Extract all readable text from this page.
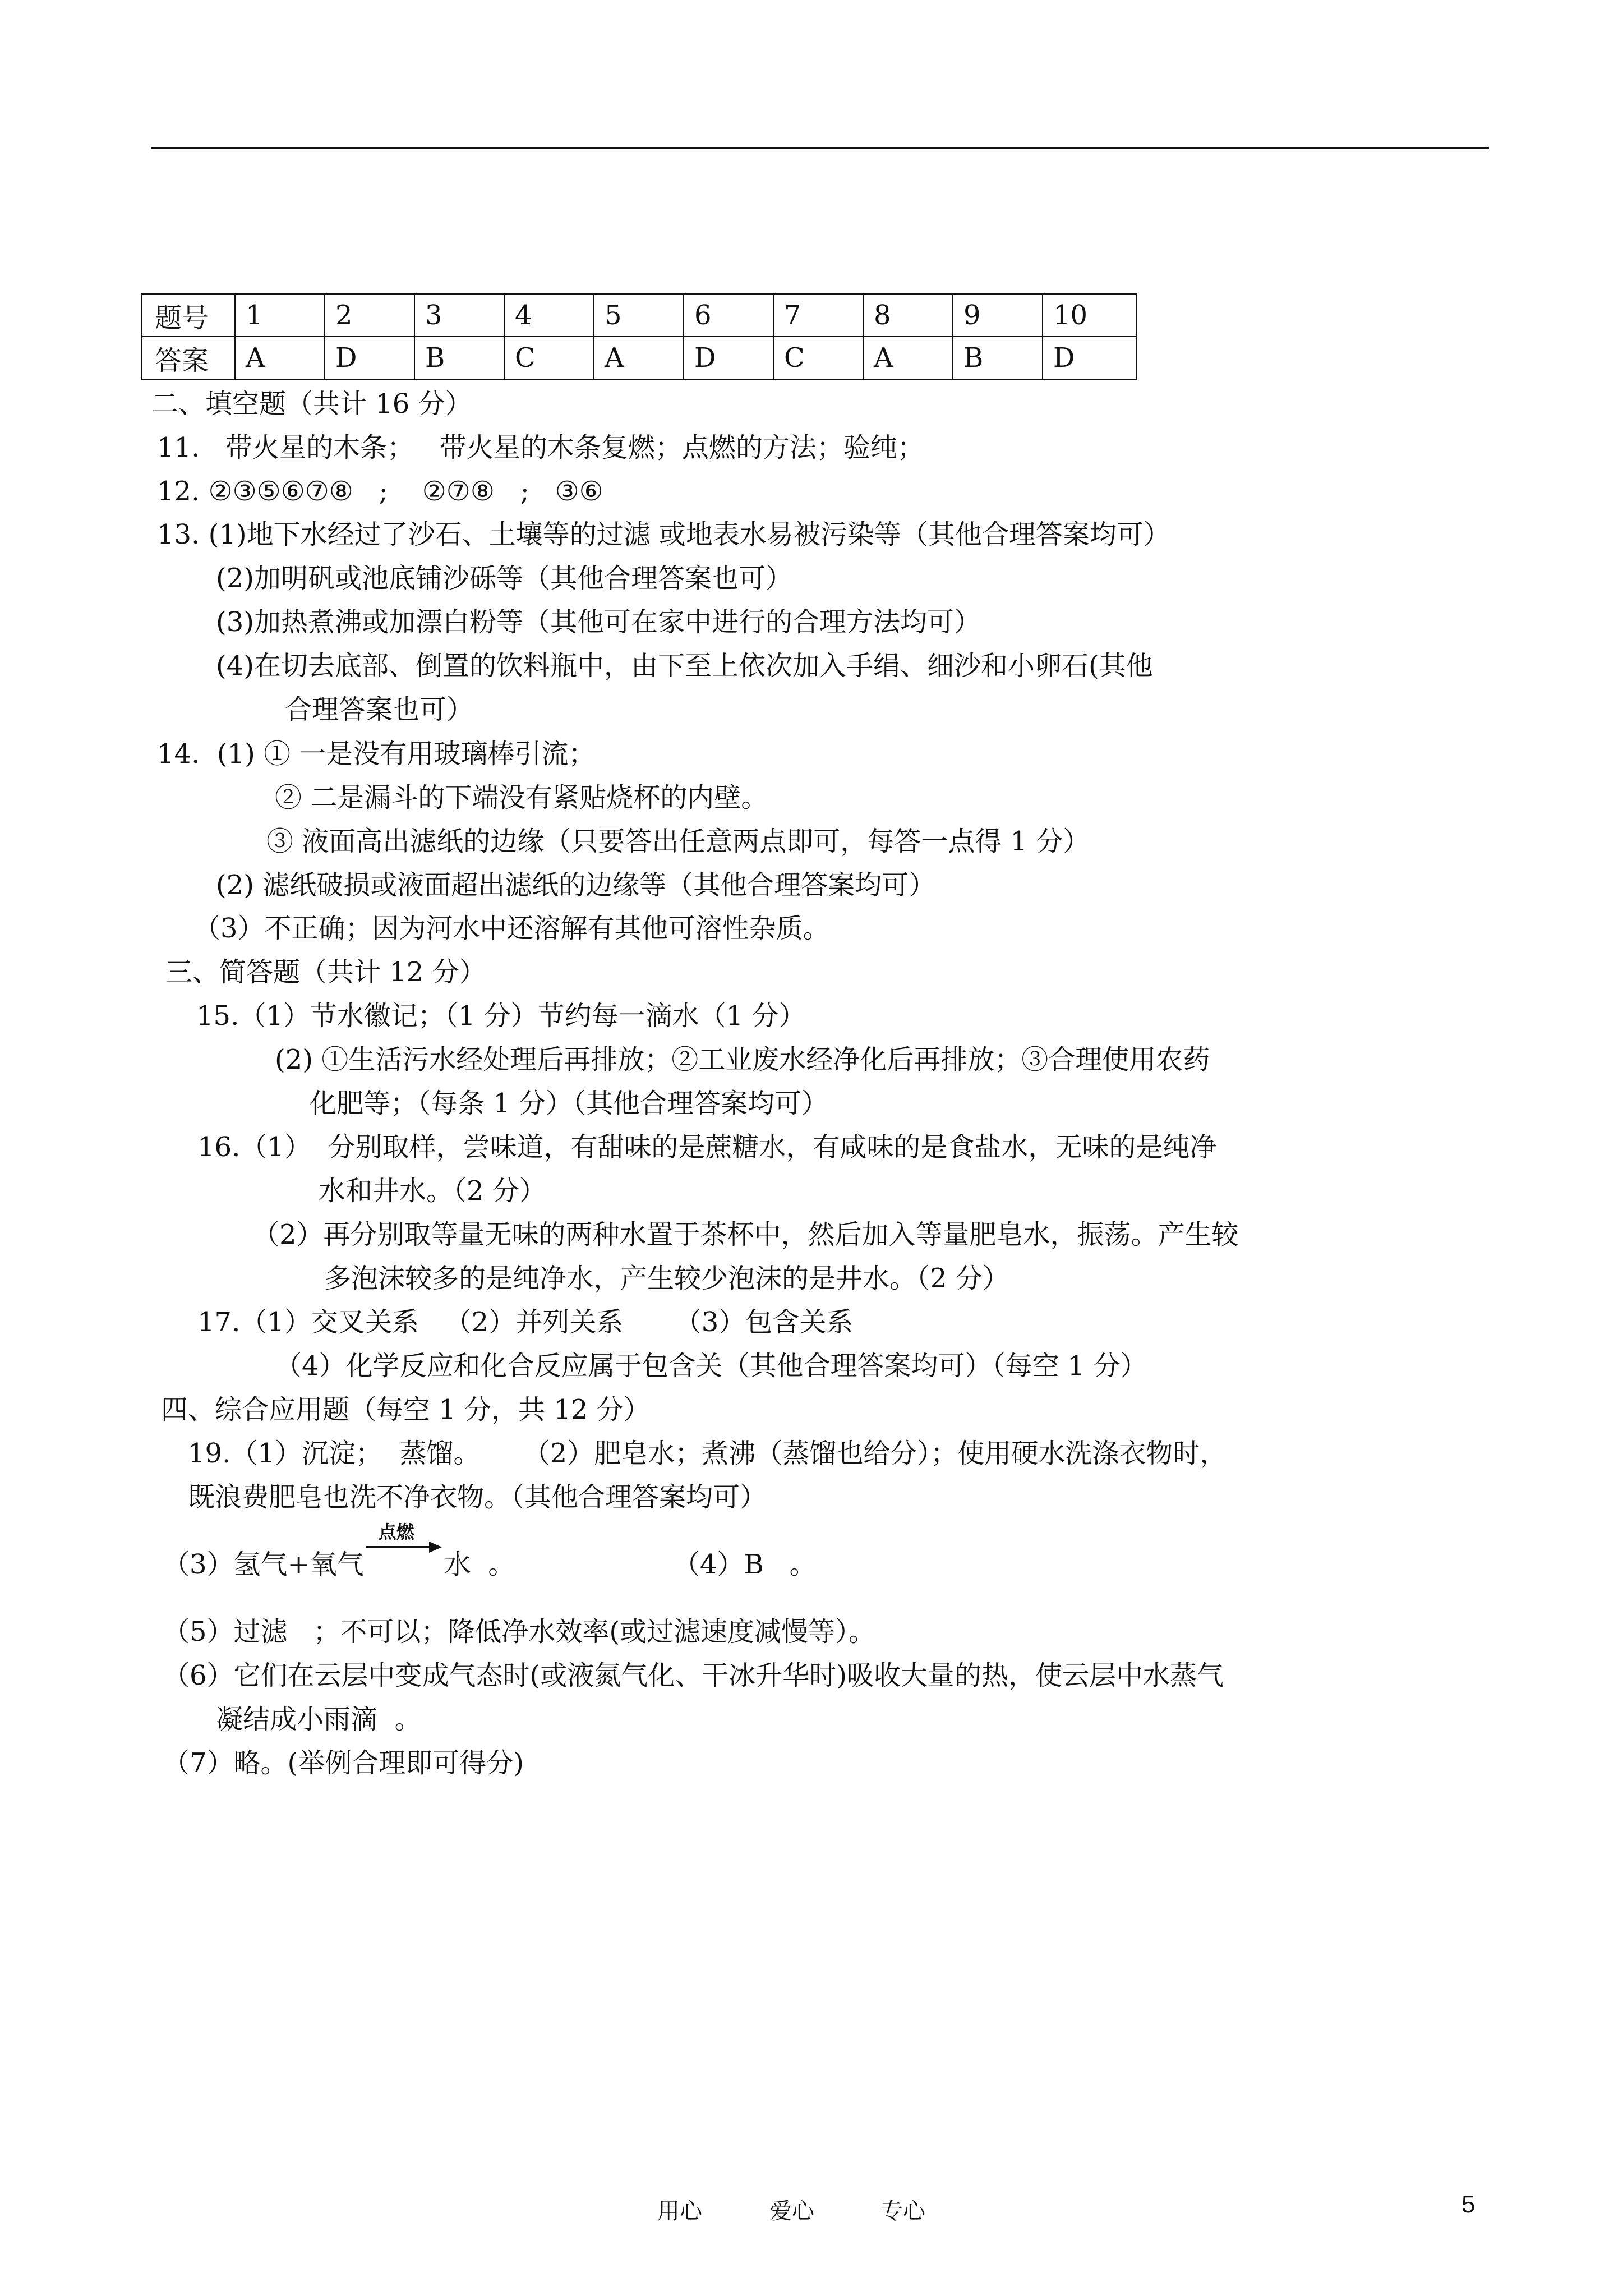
题号	1	2	3	4	5	6	7	8	9	10
答案	A	D	B	C	A	D	C	A	B	D
二、填空题（共计 16 分）
11.   带火星的木条；   带火星的木条复燃；点燃的方法；验纯；
12. ②③⑤⑥⑦⑧   ;    ②⑦⑧   ;   ③⑥
13. (1)地下水经过了沙石、土壤等的过滤 或地表水易被污染等（其他合理答案均可）
(2)加明矾或池底铺沙砾等（其他合理答案也可）
(3)加热煮沸或加漂白粉等（其他可在家中进行的合理方法均可）
(4)在切去底部、倒置的饮料瓶中，由下至上依次加入手绢、细沙和小卵石(其他
合理答案也可）
14.  (1) ① 一是没有用玻璃棒引流；
② 二是漏斗的下端没有紧贴烧杯的内壁。
③ 液面高出滤纸的边缘（只要答出任意两点即可，每答一点得 1 分）
(2) 滤纸破损或液面超出滤纸的边缘等（其他合理答案均可）
（3）不正确；因为河水中还溶解有其他可溶性杂质。
三、简答题（共计 12 分）
15.（1）节水徽记；（1 分）节约每一滴水（1 分）
(2) ①生活污水经处理后再排放；②工业废水经净化后再排放；③合理使用农药
化肥等；（每条 1 分）（其他合理答案均可）
16.（1）  分别取样，尝味道，有甜味的是蔗糖水，有咸味的是食盐水，无味的是纯净
水和井水。（2 分）
（2）再分别取等量无味的两种水置于茶杯中，然后加入等量肥皂水，振荡。产生较
多泡沫较多的是纯净水，产生较少泡沫的是井水。（2 分）
17.（1）交叉关系   （2）并列关系      （3）包含关系
（4）化学反应和化合反应属于包含关（其他合理答案均可）（每空 1 分）
四、综合应用题（每空 1 分，共 12 分）
19.（1）沉淀；  蒸馏。     （2）肥皂水；煮沸（蒸馏也给分）；使用硬水洗涤衣物时，
既浪费肥皂也洗不净衣物。（其他合理答案均可）
（3）氢气+氧气
点燃
水  。	（4）B   。
（5）过滤   ；不可以；降低净水效率(或过滤速度减慢等）。
（6）它们在云层中变成气态时(或液氮气化、干冰升华时)吸收大量的热，使云层中水蒸气
凝结成小雨滴  。
（7）略。(举例合理即可得分)
用心	爱心	专心	5
